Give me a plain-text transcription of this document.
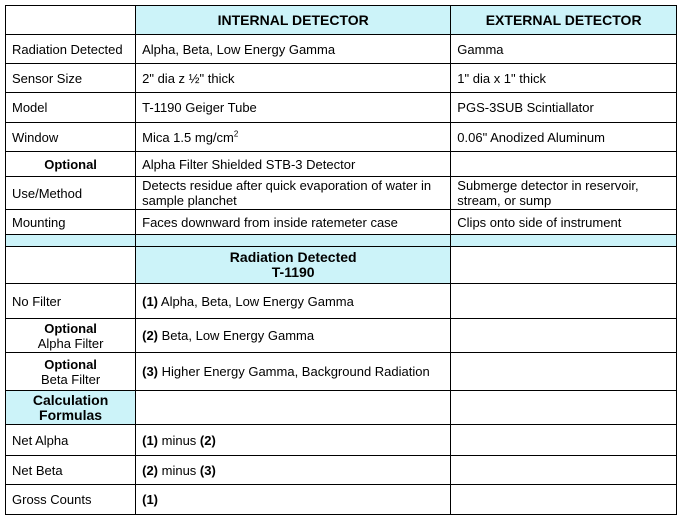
	INTERNAL DETECTOR	EXTERNAL DETECTOR
Radiation Detected	Alpha, Beta, Low Energy Gamma	Gamma
Sensor Size	2" dia z ½" thick	1" dia x 1" thick
Model	T-1190 Geiger Tube	PGS-3SUB Scintiallator
Window	Mica 1.5 $mg/cm^2$	0.06" Anodized Aluminum
Optional	Alpha Filter Shielded STB-3 Detector	
Use/Method	Detects residue after quick evaporation of water in sample planchet	Submerge detector in reservoir, stream, or sump
Mounting	Faces downward from inside ratemeter case	Clips onto side of instrument

	Radiation Detected
T-1190	

No Filter	(1) Alpha, Beta, Low Energy Gamma	

Optional
Alpha Filter	(2) Beta, Low Energy Gamma	

Optional
Beta Filter	(3) Higher Energy Gamma, Background Radiation	

Calculation
Formulas		

Net Alpha	(1) minus (2)	
Net Beta	(2) minus (3)	
Gross Counts	(1)	
